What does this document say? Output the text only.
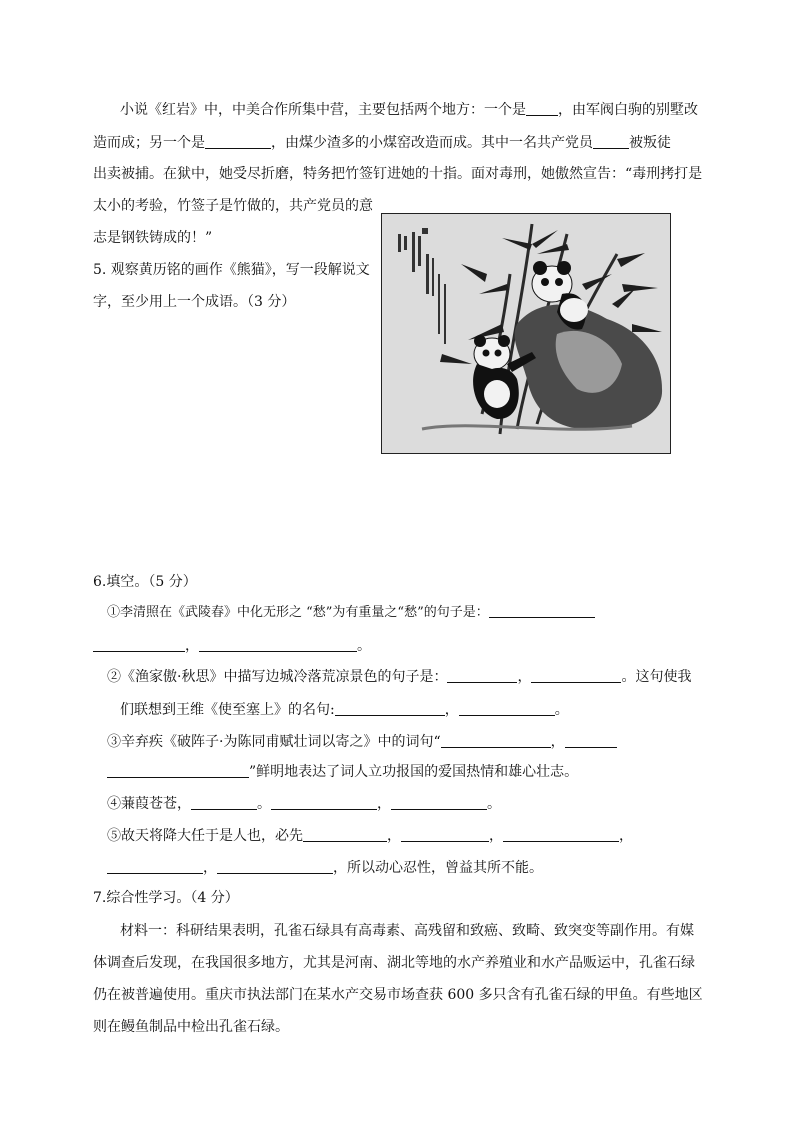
小说《红岩》中，中美合作所集中营，主要包括两个地方：一个是 ，由军阀白驹的别墅改
造而成；另一个是	，由煤少渣多的小煤窑改造而成。其中一名共产党员	被叛徒
出卖被捕。在狱中，她受尽折磨，特务把竹签钉进她的十指。面对毒刑，她傲然宣告：“毒刑拷打是
太小的考验，竹签子是竹做的，共产党员的意
志是钢铁铸成的！”
5. 观察黄历铭的画作《熊猫》，写一段解说文
字，至少用上一个成语。（3 分）
6.填空。（5 分）
①李清照在《武陵春》中化无形之 “愁”为有重量之“愁”的句子是：
，	。
②《渔家傲·秋思》中描写边城冷落荒凉景色的句子是：	，	。这句使我
们联想到王维《使至塞上》的名句:	，	。
③辛弃疾《破阵子·为陈同甫赋壮词以寄之》中的词句“	，
”鲜明地表达了词人立功报国的爱国热情和雄心壮志。
④蒹葭苍苍，	。	，	。
⑤故天将降大任于是人也，必先	，	，	，
，	，所以动心忍性，曾益其所不能。
7.综合性学习。（4 分）
材料一：科研结果表明，孔雀石绿具有高毒素、高残留和致癌、致畸、致突变等副作用。有媒
体调查后发现，在我国很多地方，尤其是河南、湖北等地的水产养殖业和水产品贩运中，孔雀石绿
仍在被普遍使用。重庆市执法部门在某水产交易市场查获 600 多只含有孔雀石绿的甲鱼。有些地区
则在鳗鱼制品中检出孔雀石绿。
